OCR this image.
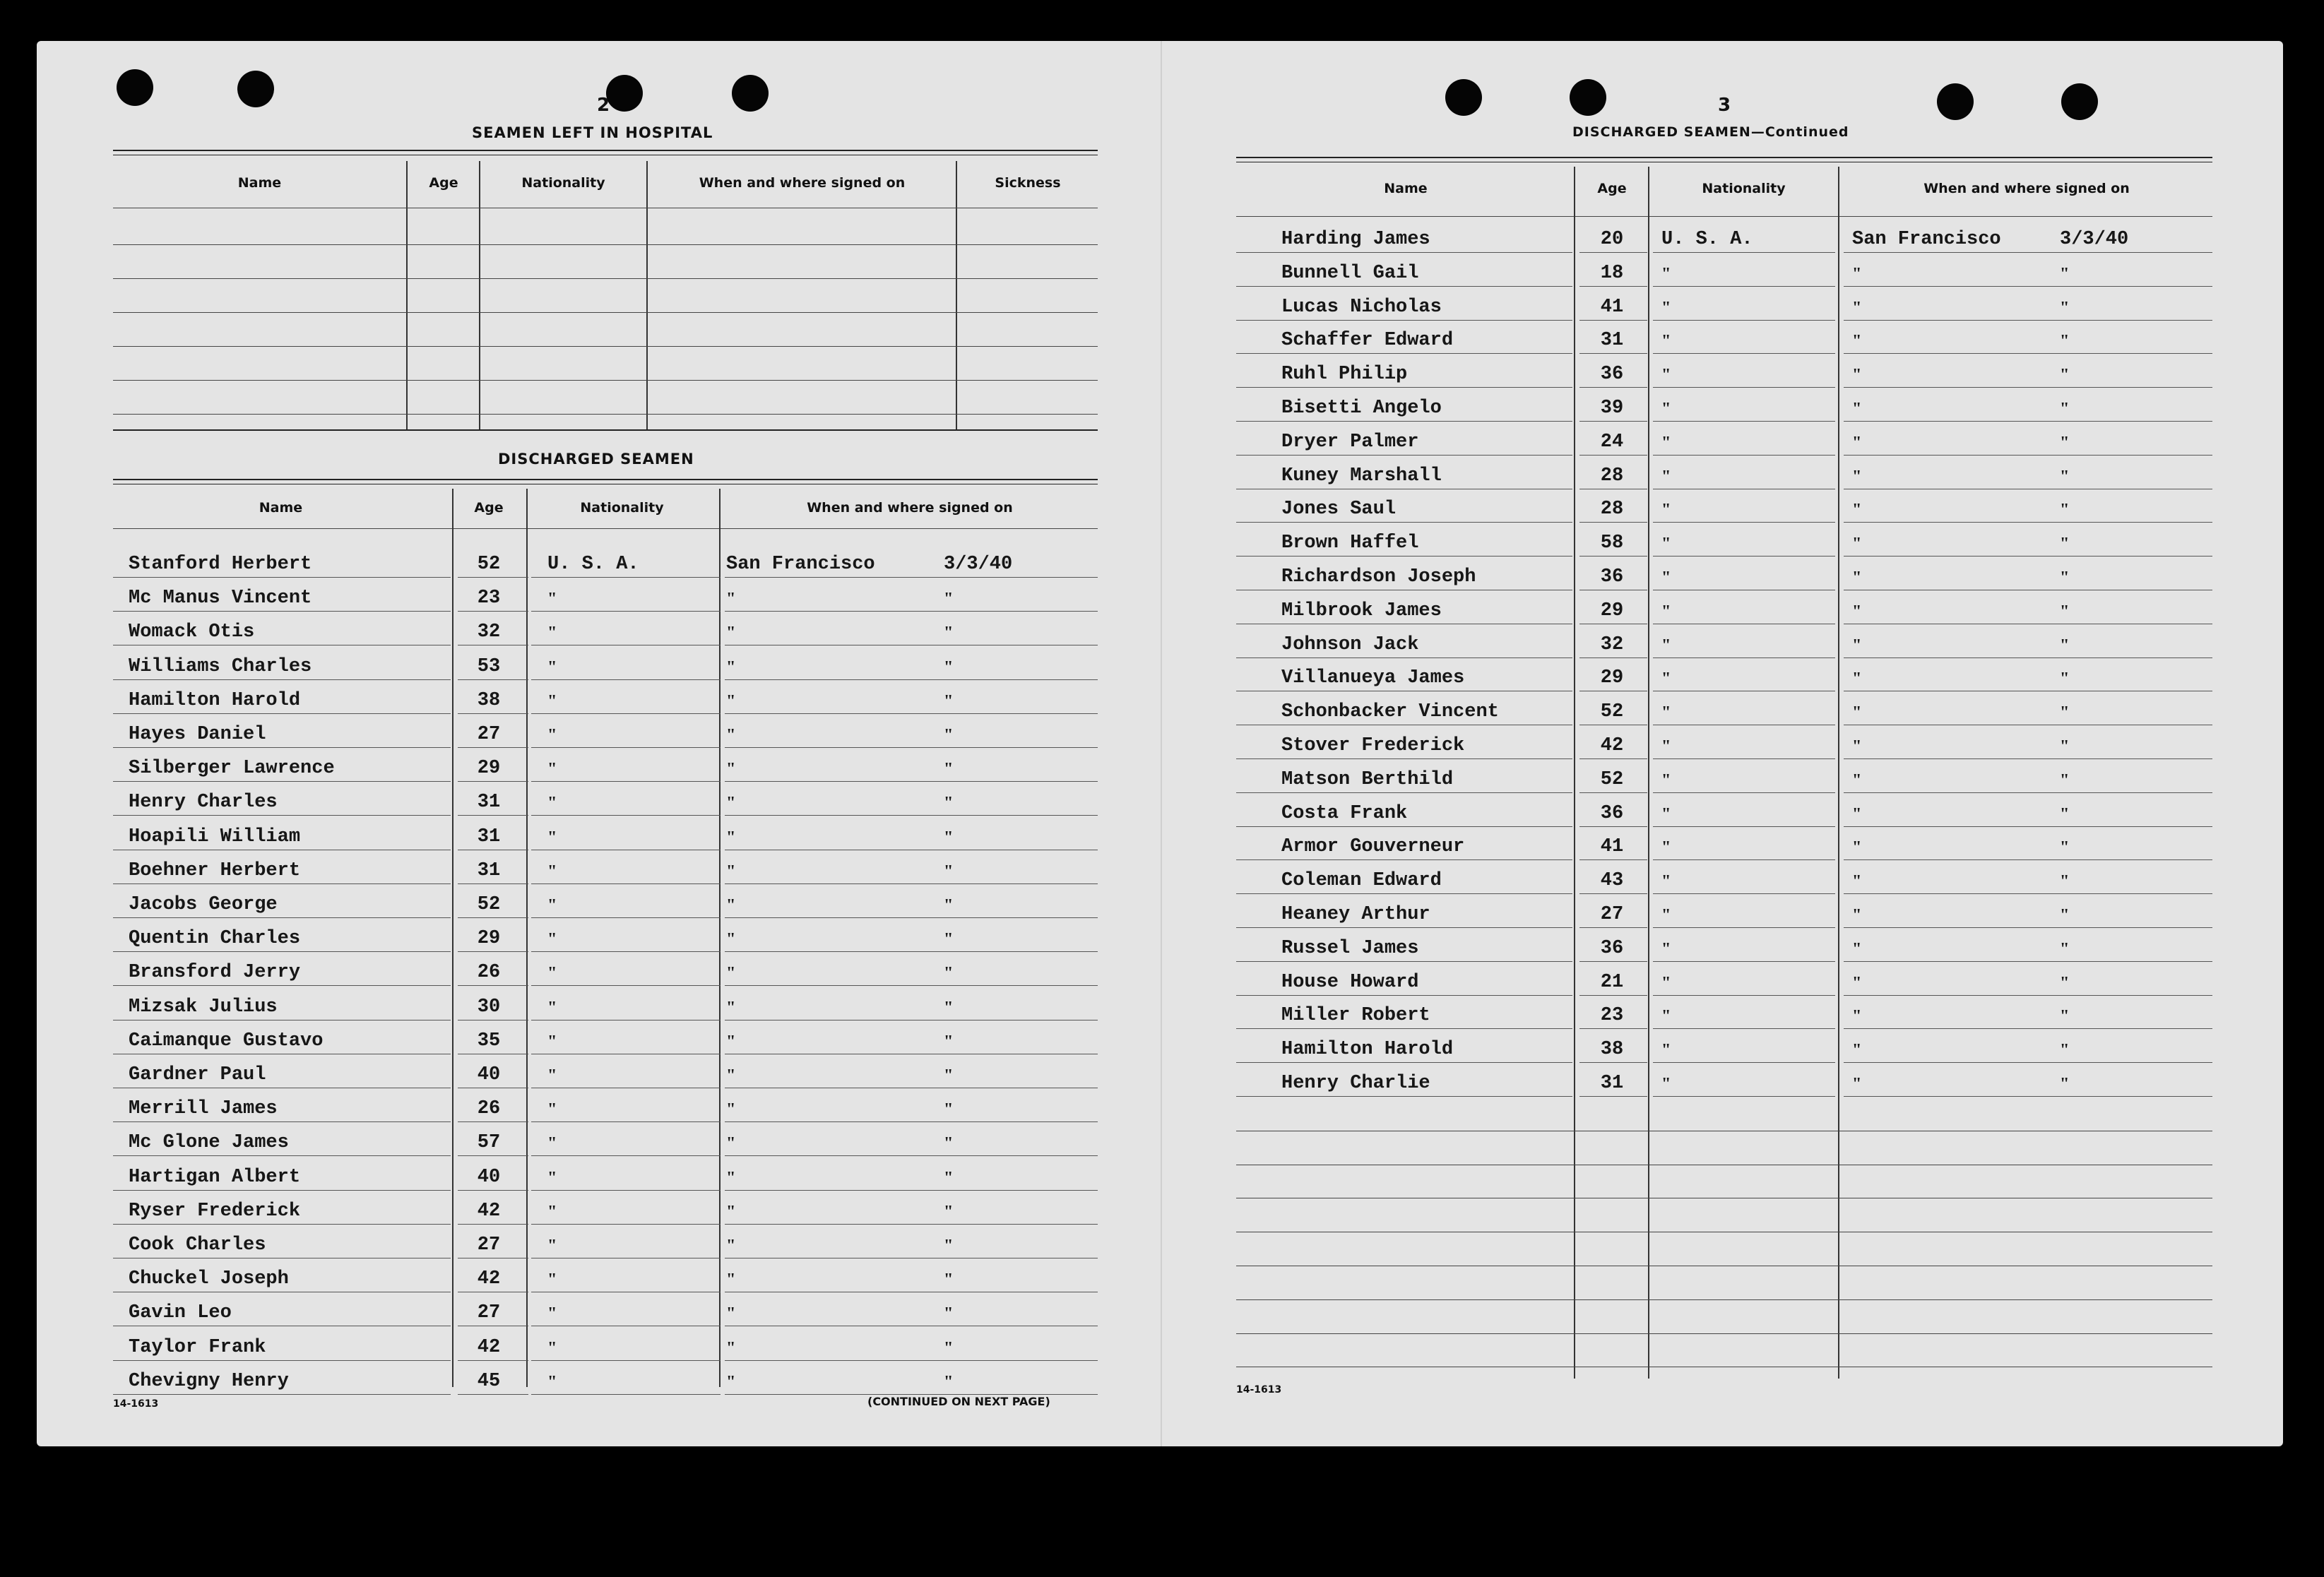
2
SEAMEN LEFT IN HOSPITAL
Name	Age	Nationality	When and where signed on	Sickness
DISCHARGED SEAMEN
Name	Age	Nationality	When and where signed on
Stanford Herbert	52	U. S. A.	San Francisco	3/3/40
Mc Manus Vincent	23	"	"	"
Womack Otis	32	"	"	"
Williams Charles	53	"	"	"
Hamilton Harold	38	"	"	"
Hayes Daniel	27	"	"	"
Silberger Lawrence	29	"	"	"
Henry Charles	31	"	"	"
Hoapili William	31	"	"	"
Boehner Herbert	31	"	"	"
Jacobs George	52	"	"	"
Quentin Charles	29	"	"	"
Bransford Jerry	26	"	"	"
Mizsak Julius	30	"	"	"
Caimanque Gustavo	35	"	"	"
Gardner Paul	40	"	"	"
Merrill James	26	"	"	"
Mc Glone James	57	"	"	"
Hartigan Albert	40	"	"	"
Ryser Frederick	42	"	"	"
Cook Charles	27	"	"	"
Chuckel Joseph	42	"	"	"
Gavin Leo	27	"	"	"
Taylor Frank	42	"	"	"
Chevigny Henry	45	"	"	"
14-1613	(CONTINUED ON NEXT PAGE)
3
DISCHARGED SEAMEN—Continued
Name	Age	Nationality	When and where signed on
Harding James	20	U. S. A.	San Francisco	3/3/40
Bunnell Gail	18	"	"	"
Lucas Nicholas	41	"	"	"
Schaffer Edward	31	"	"	"
Ruhl Philip	36	"	"	"
Bisetti Angelo	39	"	"	"
Dryer Palmer	24	"	"	"
Kuney Marshall	28	"	"	"
Jones Saul	28	"	"	"
Brown Haffel	58	"	"	"
Richardson Joseph	36	"	"	"
Milbrook James	29	"	"	"
Johnson Jack	32	"	"	"
Villanueya James	29	"	"	"
Schonbacker Vincent	52	"	"	"
Stover Frederick	42	"	"	"
Matson Berthild	52	"	"	"
Costa Frank	36	"	"	"
Armor Gouverneur	41	"	"	"
Coleman Edward	43	"	"	"
Heaney Arthur	27	"	"	"
Russel James	36	"	"	"
House Howard	21	"	"	"
Miller Robert	23	"	"	"
Hamilton Harold	38	"	"	"
Henry Charlie	31	"	"	"
14-1613
